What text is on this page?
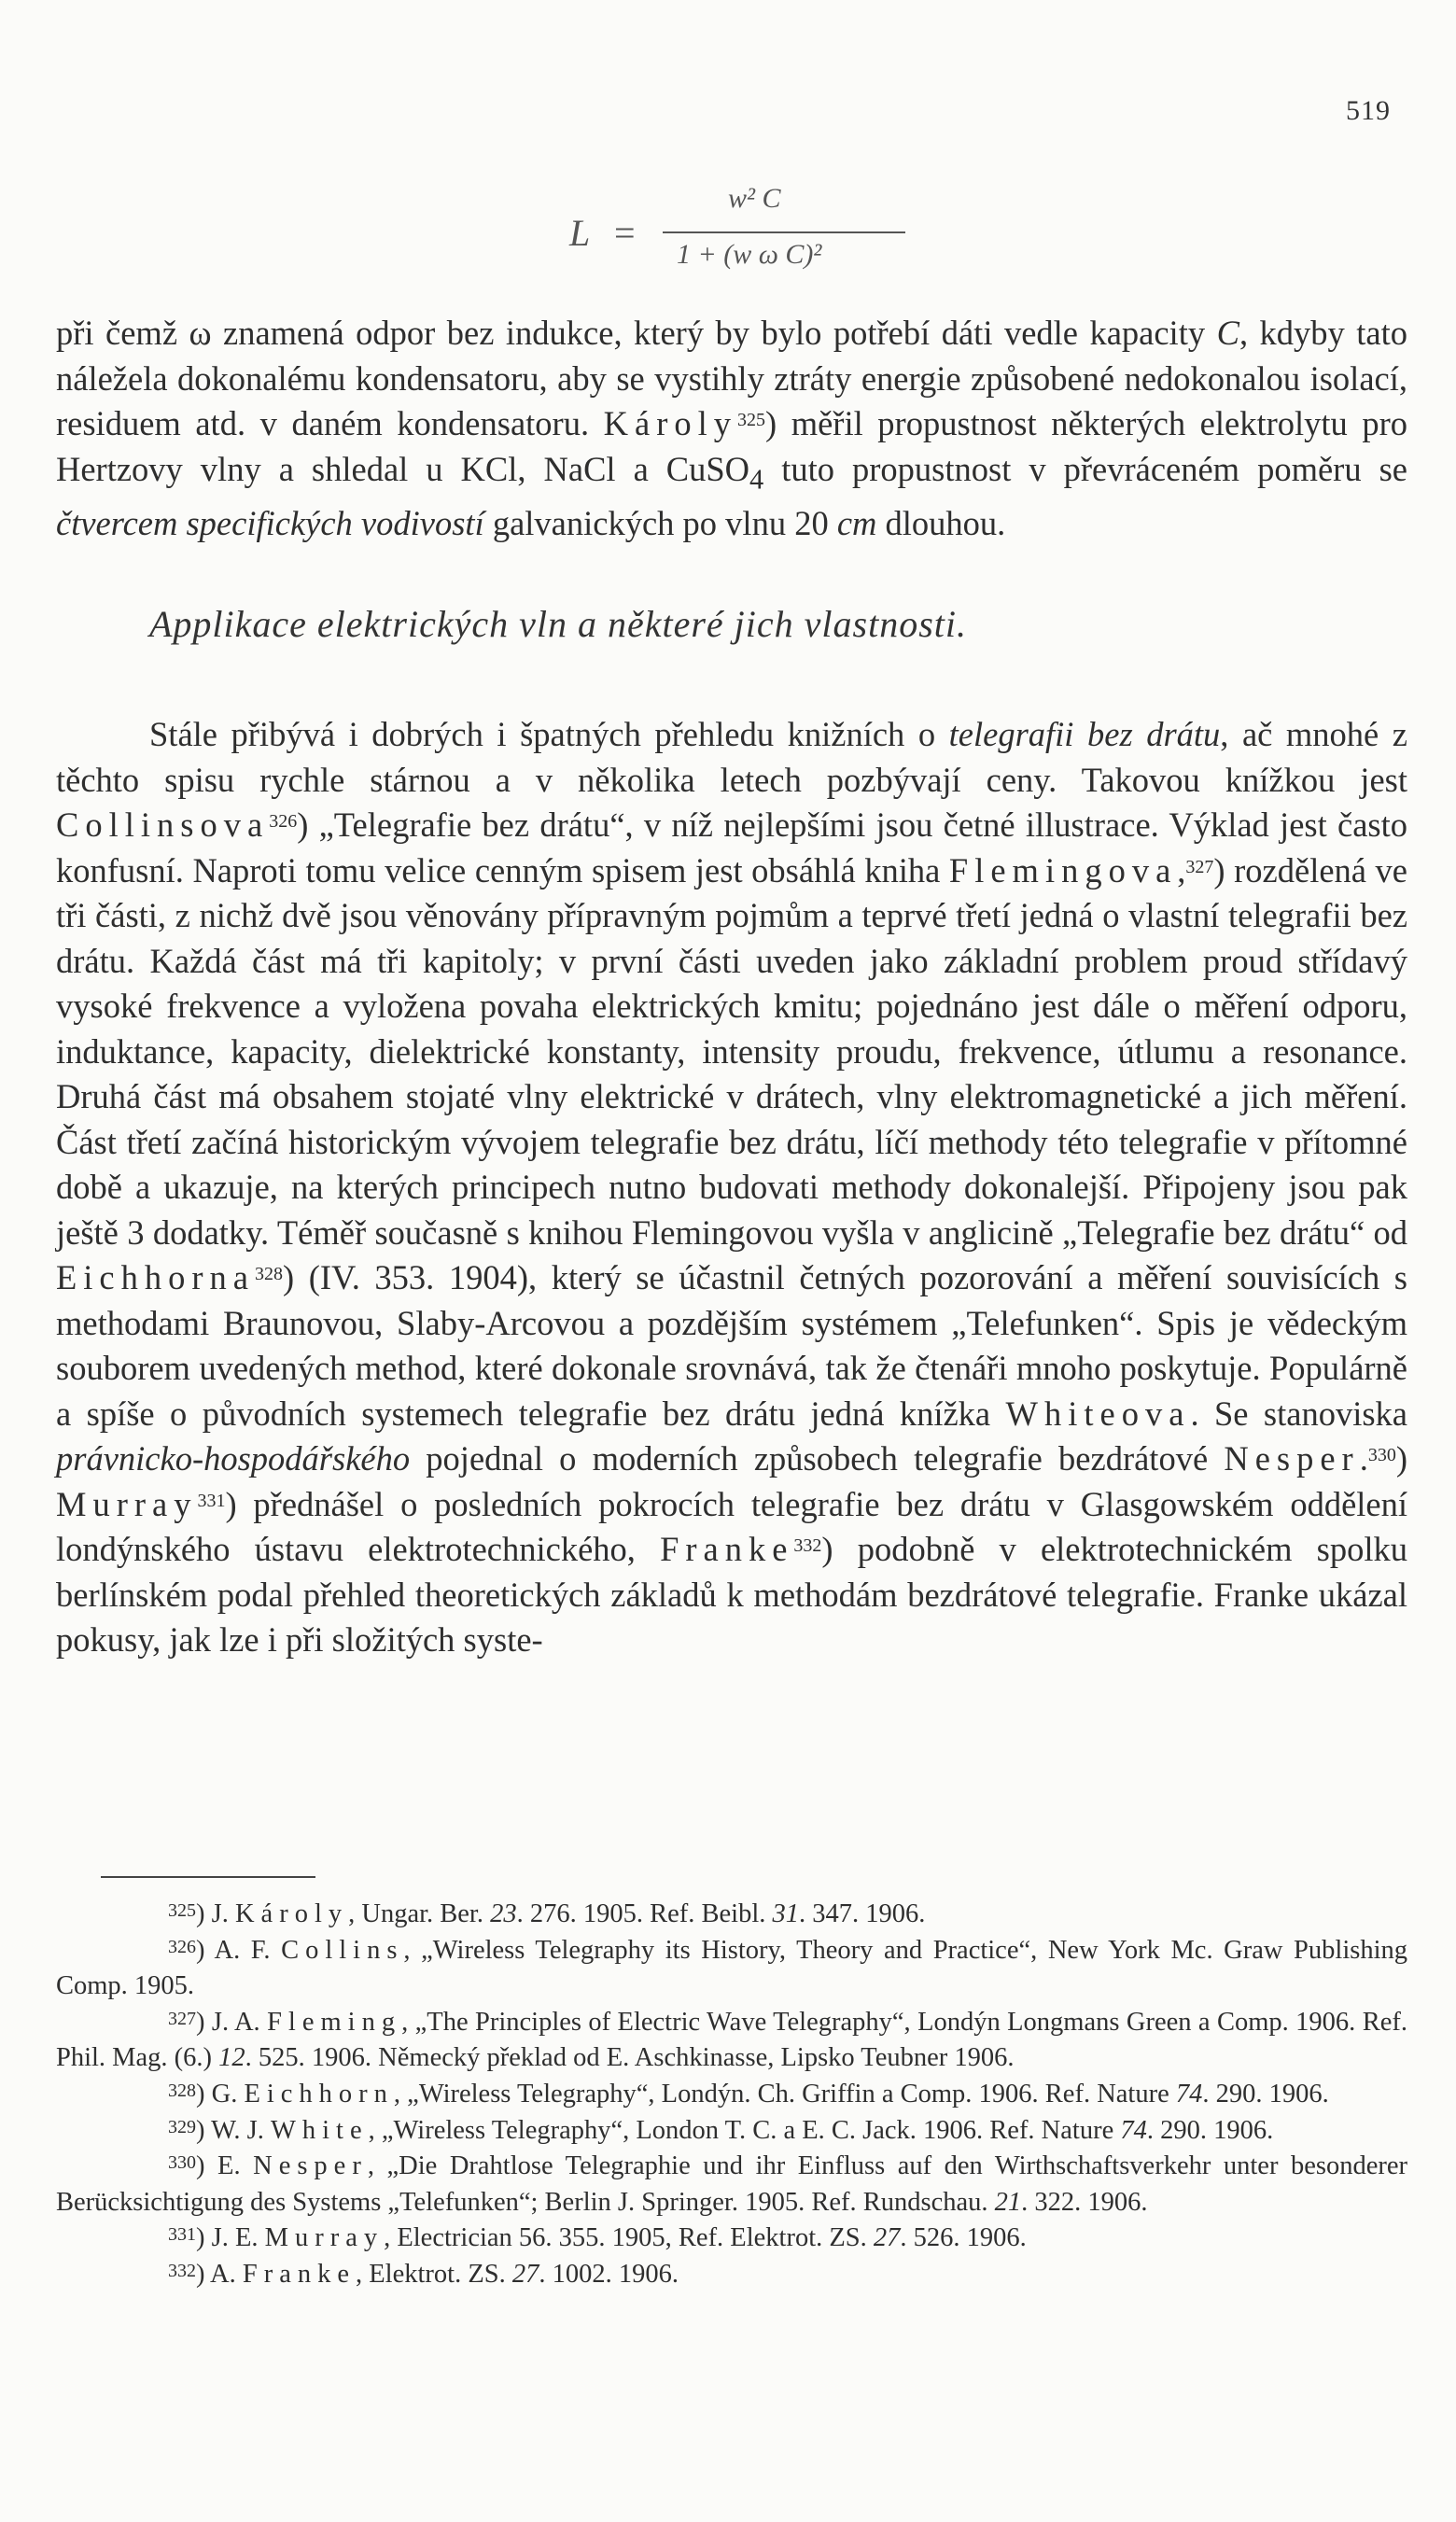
519
L =
w² C
1 + (w ω C)²
při čemž ω znamená odpor bez indukce, který by bylo potřebí dáti vedle kapacity C, kdyby tato náležela dokonalému kondensatoru, aby se vystihly ztráty energie způsobené nedokonalou isolací, residuem atd. v daném kondensatoru. Károly$^{325}$) měřil propustnost některých elektrolytu pro Hertzovy vlny a shledal u KCl, NaCl a CuSO$_4$ tuto propustnost v převráceném poměru se čtvercem specifických vodivostí galvanických po vlnu 20 cm dlouhou.
Applikace elektrických vln a některé jich vlastnosti.
Stále přibývá i dobrých i špatných přehledu knižních o telegrafii bez drátu, ač mnohé z těchto spisu rychle stárnou a v několika letech pozbývají ceny. Takovou knížkou jest Collinsova$^{326}$) „Telegrafie bez drátu“, v níž nejlepšími jsou četné illustrace. Výklad jest často konfusní. Naproti tomu velice cenným spisem jest obsáhlá kniha Flemingova,$^{327}$) rozdělená ve tři části, z nichž dvě jsou věnovány přípravným pojmům a teprvé třetí jedná o vlastní telegrafii bez drátu. Každá část má tři kapitoly; v první části uveden jako základní problem proud střídavý vysoké frekvence a vyložena povaha elektrických kmitu; pojednáno jest dále o měření odporu, induktance, kapacity, dielektrické konstanty, intensity proudu, frekvence, útlumu a resonance. Druhá část má obsahem stojaté vlny elektrické v drátech, vlny elektromagnetické a jich měření. Část třetí začíná historickým vývojem telegrafie bez drátu, líčí methody této telegrafie v přítomné době a ukazuje, na kterých principech nutno budovati methody dokonalejší. Připojeny jsou pak ještě 3 dodatky. Téměř současně s knihou Flemingovou vyšla v anglicině „Telegrafie bez drátu“ od Eichhorna$^{328}$) (IV. 353. 1904), který se účastnil četných pozorování a měření souvisících s methodami Braunovou, Slaby-Arcovou a pozdějším systémem „Telefunken“. Spis je vědeckým souborem uvedených method, které dokonale srovnává, tak že čtenáři mnoho poskytuje. Populárně a spíše o původních systemech telegrafie bez drátu jedná knížka Whiteova. Se stanoviska právnicko-hospodářského pojednal o moderních způsobech telegrafie bezdrátové Nesper.$^{330}$) Murray$^{331}$) přednášel o posledních pokrocích telegrafie bez drátu v Glasgowském oddělení londýnského ústavu elektrotechnického, Franke$^{332}$) podobně v elektrotechnickém spolku berlínském podal přehled theoretických základů k methodám bezdrátové telegrafie. Franke ukázal pokusy, jak lze i při složitých syste-
$^{325}$) J. Károly, Ungar. Ber. 23. 276. 1905. Ref. Beibl. 31. 347. 1906.
$^{326}$) A. F. Collins, „Wireless Telegraphy its History, Theory and Practice“, New York Mc. Graw Publishing Comp. 1905.
$^{327}$) J. A. Fleming, „The Principles of Electric Wave Telegraphy“, Londýn Longmans Green a Comp. 1906. Ref. Phil. Mag. (6.) 12. 525. 1906. Německý překlad od E. Aschkinasse, Lipsko Teubner 1906.
$^{328}$) G. Eichhorn, „Wireless Telegraphy“, Londýn. Ch. Griffin a Comp. 1906. Ref. Nature 74. 290. 1906.
$^{329}$) W. J. White, „Wireless Telegraphy“, London T. C. a E. C. Jack. 1906. Ref. Nature 74. 290. 1906.
$^{330}$) E. Nesper, „Die Drahtlose Telegraphie und ihr Einfluss auf den Wirthschaftsverkehr unter besonderer Berücksichtigung des Systems „Telefunken“; Berlin J. Springer. 1905. Ref. Rundschau. 21. 322. 1906.
$^{331}$) J. E. Murray, Electrician 56. 355. 1905, Ref. Elektrot. ZS. 27. 526. 1906.
$^{332}$) A. Franke, Elektrot. ZS. 27. 1002. 1906.
